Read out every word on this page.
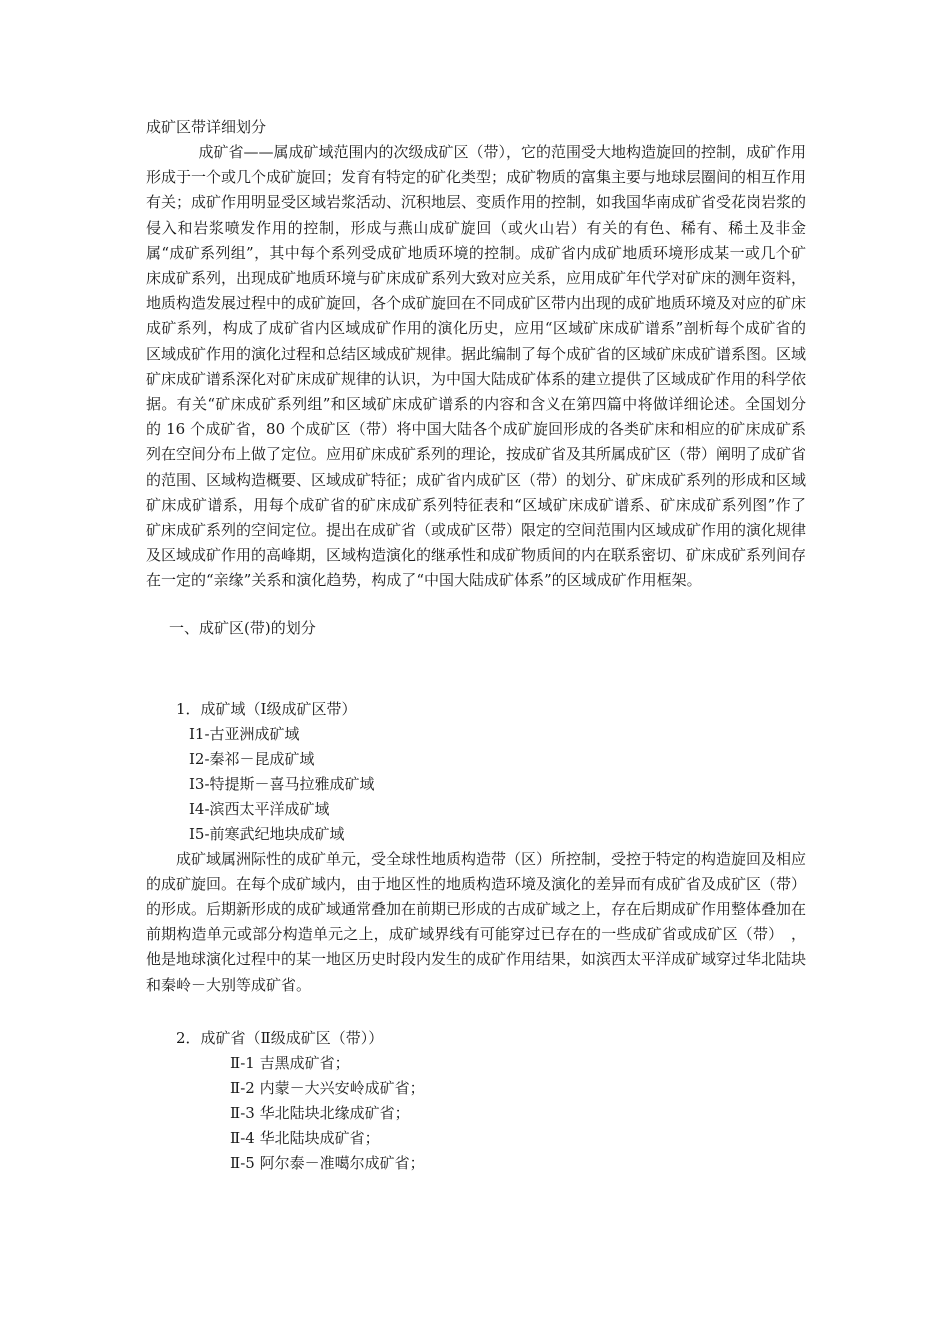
成矿区带详细划分

成矿省——属成矿域范围内的次级成矿区（带），它的范围受大地构造旋回的控制，成矿作用形成于一个或几个成矿旋回；发育有特定的矿化类型；成矿物质的富集主要与地球层圈间的相互作用有关；成矿作用明显受区域岩浆活动、沉积地层、变质作用的控制，如我国华南成矿省受花岗岩浆的侵入和岩浆喷发作用的控制，形成与燕山成矿旋回（或火山岩）有关的有色、稀有、稀土及非金属“成矿系列组”，其中每个系列受成矿地质环境的控制。成矿省内成矿地质环境形成某一或几个矿床成矿系列，出现成矿地质环境与矿床成矿系列大致对应关系，应用成矿年代学对矿床的测年资料，地质构造发展过程中的成矿旋回，各个成矿旋回在不同成矿区带内出现的成矿地质环境及对应的矿床成矿系列，构成了成矿省内区域成矿作用的演化历史，应用“区域矿床成矿谱系”剖析每个成矿省的区域成矿作用的演化过程和总结区域成矿规律。据此编制了每个成矿省的区域矿床成矿谱系图。区域矿床成矿谱系深化对矿床成矿规律的认识，为中国大陆成矿体系的建立提供了区域成矿作用的科学依据。有关“矿床成矿系列组”和区域矿床成矿谱系的内容和含义在第四篇中将做详细论述。全国划分的 16 个成矿省，80 个成矿区（带）将中国大陆各个成矿旋回形成的各类矿床和相应的矿床成矿系列在空间分布上做了定位。应用矿床成矿系列的理论，按成矿省及其所属成矿区（带）阐明了成矿省的范围、区域构造概要、区域成矿特征；成矿省内成矿区（带）的划分、矿床成矿系列的形成和区域矿床成矿谱系，用每个成矿省的矿床成矿系列特征表和“区域矿床成矿谱系、矿床成矿系列图”作了矿床成矿系列的空间定位。提出在成矿省（或成矿区带）限定的空间范围内区域成矿作用的演化规律及区域成矿作用的高峰期，区域构造演化的继承性和成矿物质间的内在联系密切、矿床成矿系列间存在一定的“亲缘”关系和演化趋势，构成了“中国大陆成矿体系”的区域成矿作用框架。

一、成矿区(带)的划分

1．成矿域（Ⅰ级成矿区带）

Ⅰ1-古亚洲成矿域
Ⅰ2-秦祁－昆成矿域
Ⅰ3-特提斯－喜马拉雅成矿域
Ⅰ4-滨西太平洋成矿域
Ⅰ5-前寒武纪地块成矿域

成矿域属洲际性的成矿单元，受全球性地质构造带（区）所控制，受控于特定的构造旋回及相应的成矿旋回。在每个成矿域内，由于地区性的地质构造环境及演化的差异而有成矿省及成矿区（带）的形成。后期新形成的成矿域通常叠加在前期已形成的古成矿域之上，存在后期成矿作用整体叠加在前期构造单元或部分构造单元之上，成矿域界线有可能穿过已存在的一些成矿省或成矿区（带）　，他是地球演化过程中的某一地区历史时段内发生的成矿作用结果，如滨西太平洋成矿域穿过华北陆块和秦岭－大别等成矿省。

2．成矿省（Ⅱ级成矿区（带））

Ⅱ-1 吉黑成矿省；
Ⅱ-2 内蒙－大兴安岭成矿省；
Ⅱ-3 华北陆块北缘成矿省；
Ⅱ-4 华北陆块成矿省；
Ⅱ-5 阿尔泰－准噶尔成矿省；
